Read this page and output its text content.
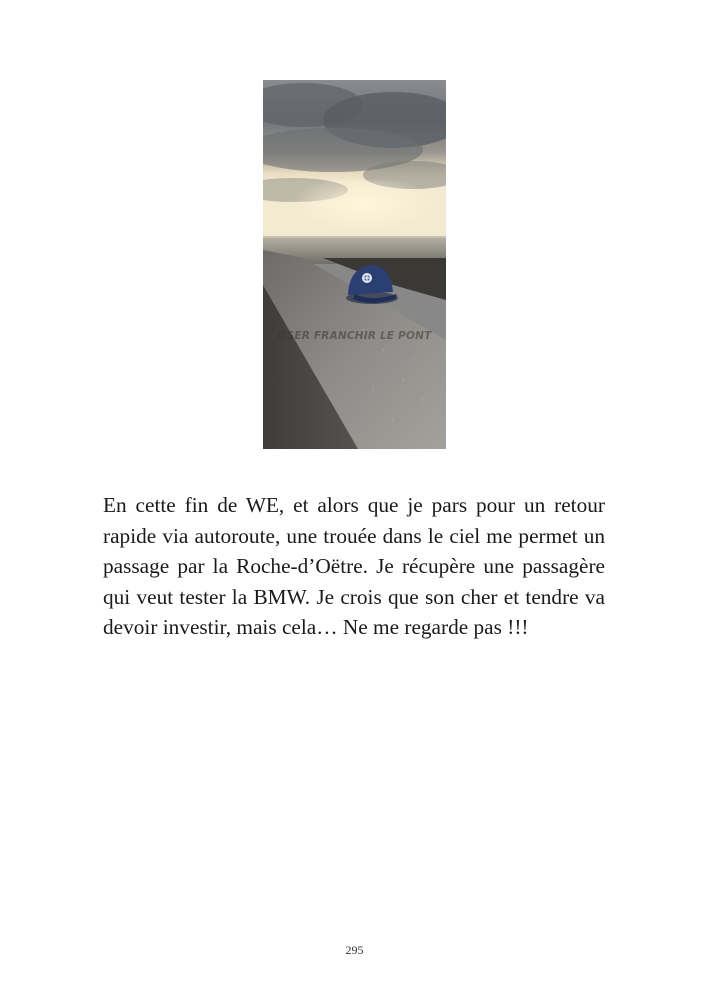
OSER FRANCHIR LE PONT

En cette fin de WE, et alors que je pars pour un retour rapide via autoroute, une trouée dans le ciel me permet un passage par la Roche-d’Oëtre. Je récupère une passagère qui veut tester la BMW. Je crois que son cher et tendre va devoir investir, mais cela… Ne me regarde pas !!!

295
